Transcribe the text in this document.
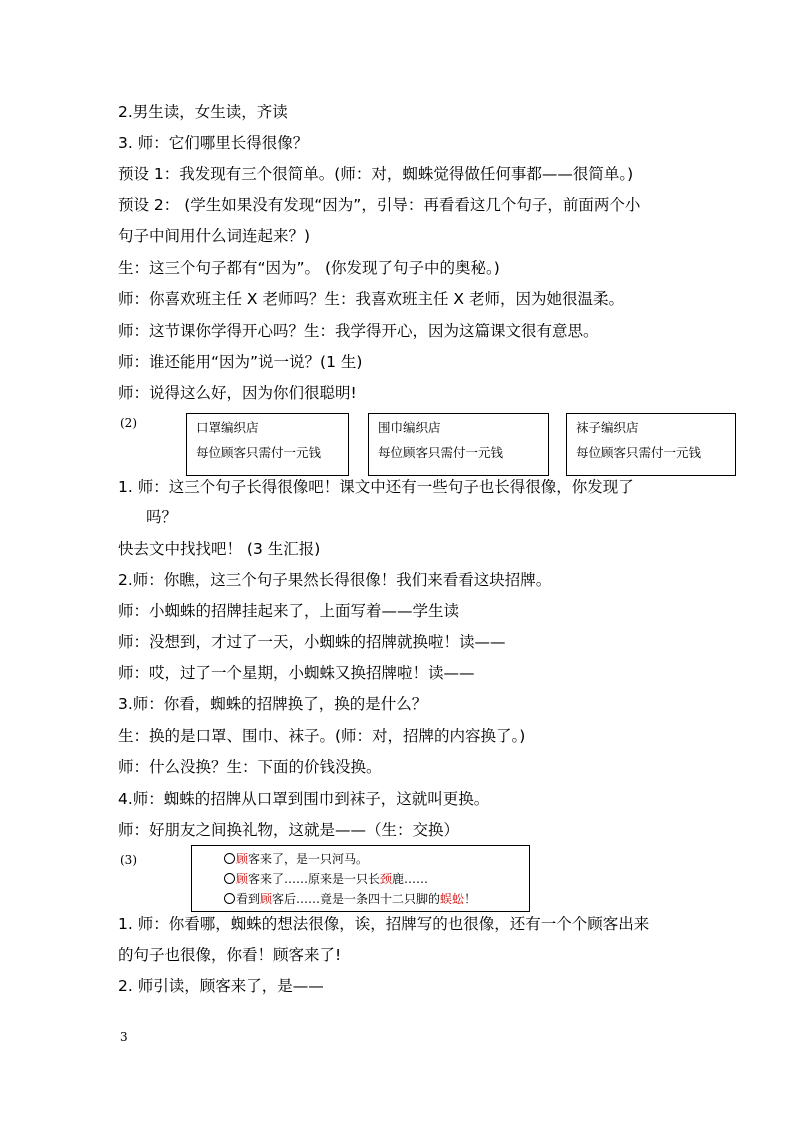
2.男生读，女生读，齐读
3. 师：它们哪里长得很像？
预设 1：我发现有三个很简单。(师：对，蜘蛛觉得做任何事都——很简单。)
预设 2： (学生如果没有发现“因为”，引导：再看看这几个句子，前面两个小
句子中间用什么词连起来？)
生：这三个句子都有“因为”。 (你发现了句子中的奥秘。)
师：你喜欢班主任 X 老师吗？生：我喜欢班主任 X 老师，因为她很温柔。
师：这节课你学得开心吗？生：我学得开心，因为这篇课文很有意思。
师：谁还能用“因为”说一说？(1 生)
师：说得这么好，因为你们很聪明!
(2)	口罩编织店
每位顾客只需付一元钱
围巾编织店
每位顾客只需付一元钱
袜子编织店
每位顾客只需付一元钱
1. 师：这三个句子长得很像吧！课文中还有一些句子也长得很像，你发现了
吗？
快去文中找找吧！ (3 生汇报)
2.师：你瞧，这三个句子果然长得很像！我们来看看这块招牌。
师：小蜘蛛的招牌挂起来了，上面写着——学生读
师：没想到，才过了一天，小蜘蛛的招牌就换啦！读——
师：哎，过了一个星期，小蜘蛛又换招牌啦！读——
3.师：你看，蜘蛛的招牌换了，换的是什么？
生：换的是口罩、围巾、袜子。(师：对，招牌的内容换了。)
师：什么没换？生：下面的价钱没换。
4.师：蜘蛛的招牌从口罩到围巾到袜子，这就叫更换。
师：好朋友之间换礼物，这就是——（生：交换）
(3)	顾客来了，是一只河马。
顾客来了……原来是一只长颈鹿……
看到顾客后……竟是一条四十二只脚的蜈蚣！
1. 师：你看哪，蜘蛛的想法很像，诶，招牌写的也很像，还有一个个顾客出来
的句子也很像，你看！顾客来了!
2. 师引读，顾客来了，是——
3
